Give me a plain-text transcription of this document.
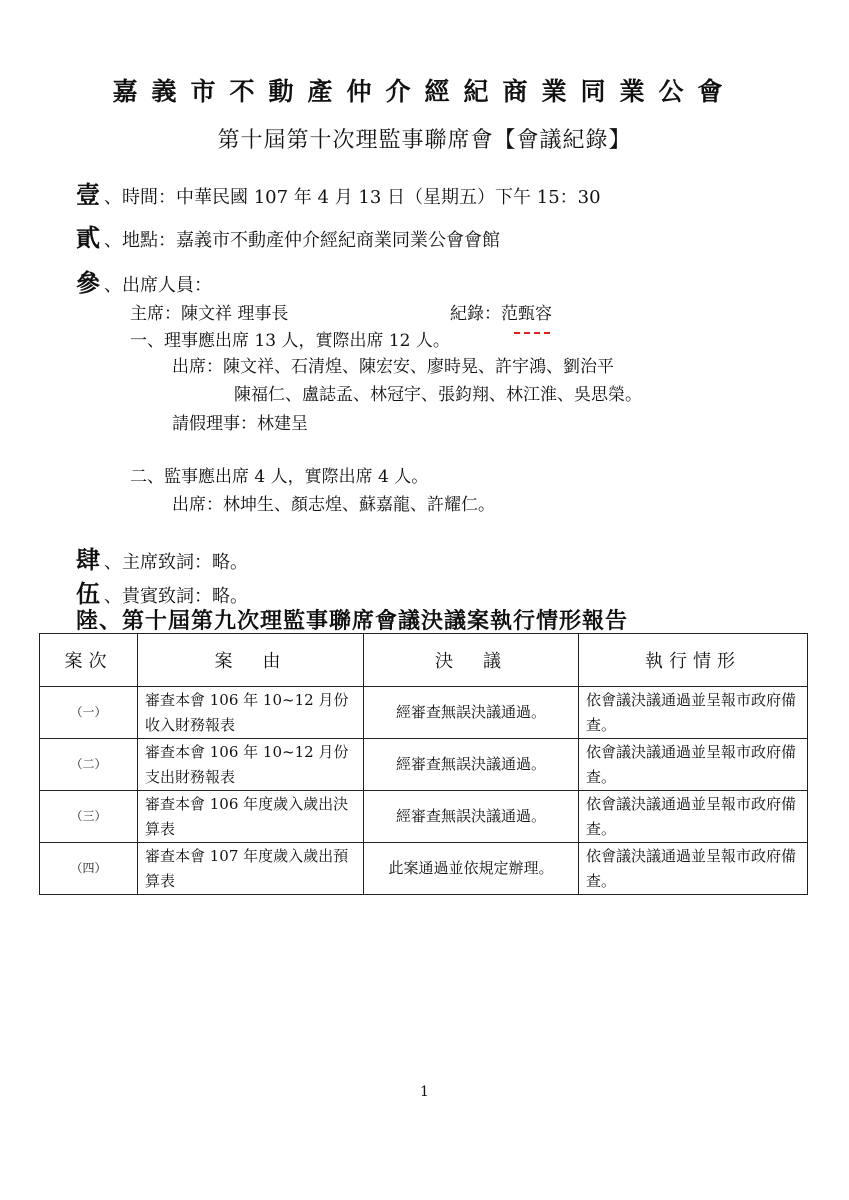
嘉義市不動產仲介經紀商業同業公會
第十屆第十次理監事聯席會【會議紀錄】
壹 、時間：中華民國 107 年 4 月 13 日（星期五）下午 15：30
貳 、地點：嘉義市不動產仲介經紀商業同業公會會館
參 、出席人員：
主席：陳文祥 理事長	紀錄：范甄容
一、理事應出席 13 人，實際出席 12 人。
出席：陳文祥、石清煌、陳宏安、廖時晃、許宇鴻、劉治平
陳福仁、盧誌孟、林冠宇、張鈞翔、林江淮、吳思榮。
請假理事：林建呈
二、監事應出席 4 人，實際出席 4 人。
出席：林坤生、顏志煌、蘇嘉龍、許耀仁。
肆 、主席致詞：略。
伍 、貴賓致詞：略。
陸、第十屆第九次理監事聯席會議決議案執行情形報告
案次	案　由	決　議	執行情形
（一）	審查本會 106 年 10~12 月份收入財務報表	經審查無誤決議通過。	依會議決議通過並呈報市政府備查。
（二）	審查本會 106 年 10~12 月份支出財務報表	經審查無誤決議通過。	依會議決議通過並呈報市政府備查。
（三）	審查本會 106 年度歲入歲出決算表	經審查無誤決議通過。	依會議決議通過並呈報市政府備查。
（四）	審查本會 107 年度歲入歲出預算表	此案通過並依規定辦理。	依會議決議通過並呈報市政府備查。
1
